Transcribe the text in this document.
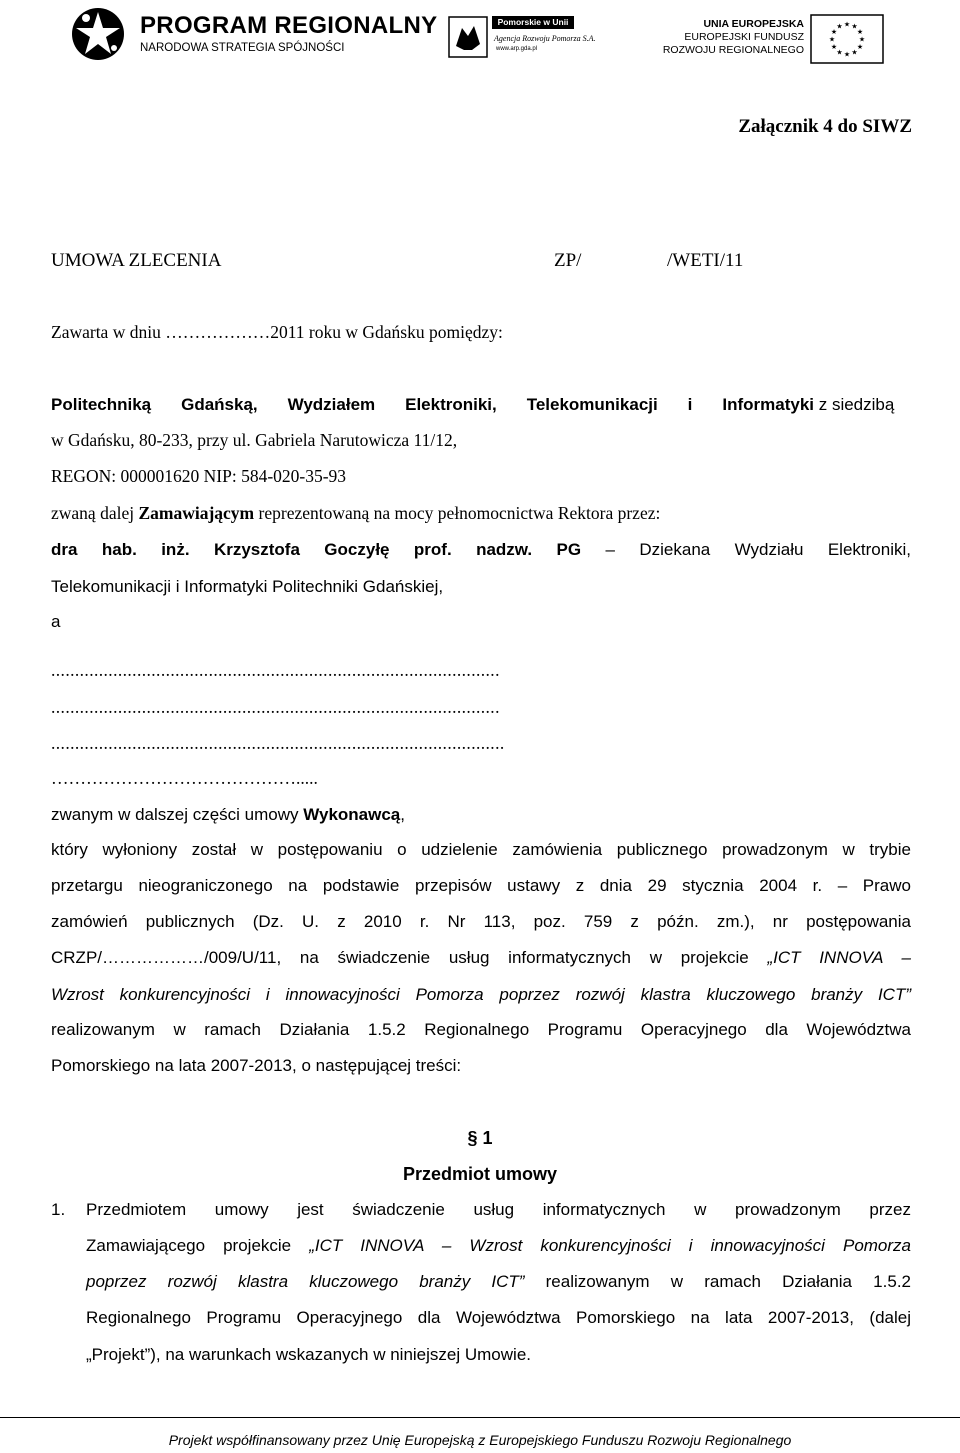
PROGRAM REGIONALNY
NARODOWA STRATEGIA SPÓJNOŚCI
Pomorskie w Unii
Agencja Rozwoju Pomorza S.A.
www.arp.gda.pl
UNIA EUROPEJSKA
EUROPEJSKI FUNDUSZ
ROZWOJU REGIONALNEGO
★ ★
★
★
★
★
★
★
★
★
★
★
Załącznik 4 do SIWZ
UMOWA ZLECENIA	ZP/	/WETI/11
Zawarta w dniu ………………2011 roku w Gdańsku pomiędzy:
Politechniką Gdańską, Wydziałem Elektroniki, Telekomunikacji i Informatyki z siedzibą
w Gdańsku, 80-233, przy ul. Gabriela Narutowicza 11/12,
REGON: 000001620 NIP: 584-020-35-93
zwaną dalej Zamawiającym reprezentowaną na mocy pełnomocnictwa Rektora przez:
dra hab. inż. Krzysztofa Goczyłę prof. nadzw. PG – Dziekana Wydziału Elektroniki,
Telekomunikacji i Informatyki Politechniki Gdańskiej,
a
..............................................................................................
..............................................................................................
...............................................................................................
…………………………………….....
zwanym w dalszej części umowy Wykonawcą,
który wyłoniony został w postępowaniu o udzielenie zamówienia publicznego prowadzonym w trybie
przetargu nieograniczonego na podstawie przepisów ustawy z dnia 29 stycznia 2004 r. – Prawo
zamówień publicznych (Dz. U. z 2010 r. Nr 113, poz. 759 z późn. zm.), nr postępowania
CRZP/………………/009/U/11, na świadczenie usług informatycznych w projekcie „ICT INNOVA –
Wzrost konkurencyjności i innowacyjności Pomorza poprzez rozwój klastra kluczowego branży ICT”
realizowanym w ramach Działania 1.5.2 Regionalnego Programu Operacyjnego dla Województwa
Pomorskiego na lata 2007-2013, o następującej treści:
§ 1
Przedmiot umowy
1.	Przedmiotem umowy jest świadczenie usług informatycznych w prowadzonym przez
Zamawiającego projekcie „ICT INNOVA – Wzrost konkurencyjności i innowacyjności Pomorza
poprzez rozwój klastra kluczowego branży ICT” realizowanym w ramach Działania 1.5.2
Regionalnego Programu Operacyjnego dla Województwa Pomorskiego na lata 2007-2013, (dalej
„Projekt”), na warunkach wskazanych w niniejszej Umowie.
Projekt współfinansowany przez Unię Europejską z Europejskiego Funduszu Rozwoju Regionalnego
